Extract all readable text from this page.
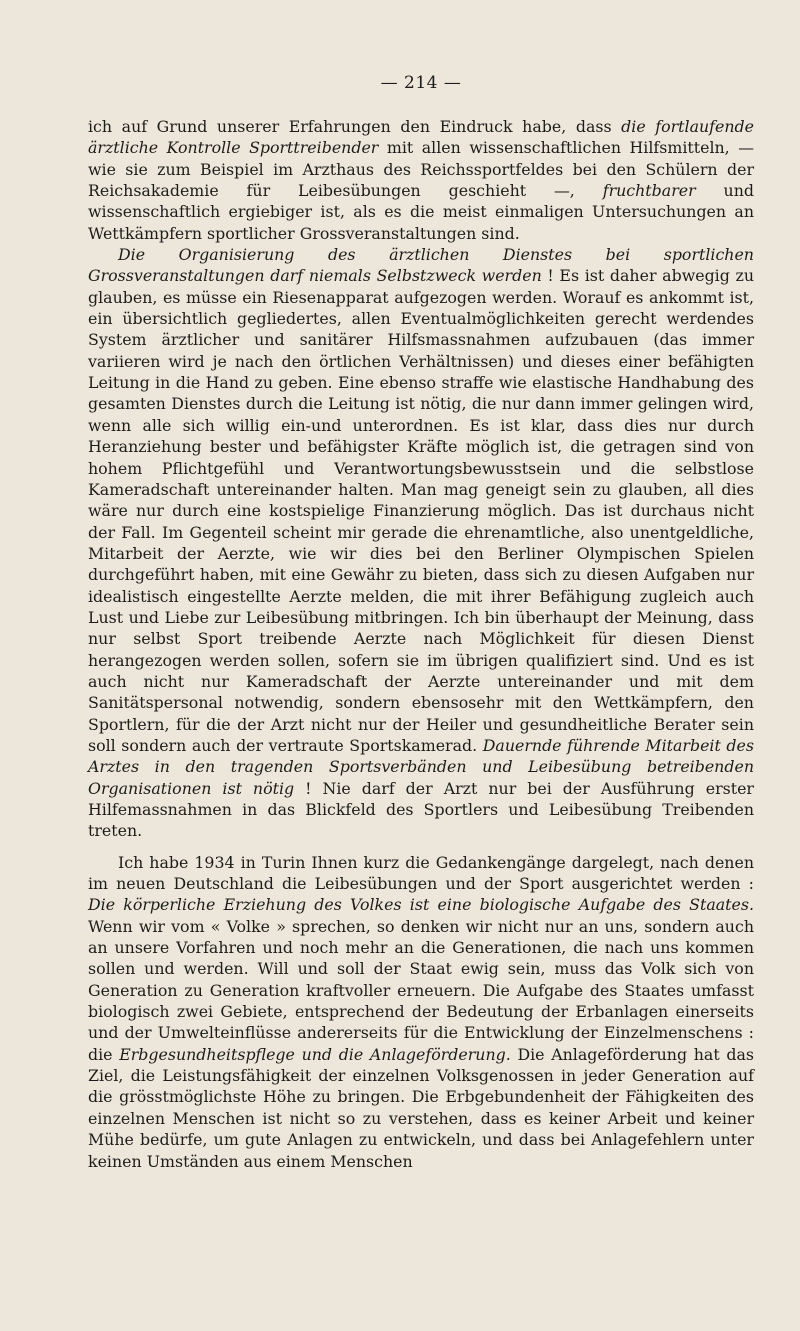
— 214 —

ich auf Grund unserer Erfahrungen den Eindruck habe, dass die fortlaufende ärztliche Kontrolle Sporttreibender mit allen wissenschaftlichen Hilfsmitteln, — wie sie zum Beispiel im Arzthaus des Reichssportfeldes bei den Schülern der Reichsakademie für Leibesübungen geschieht —, fruchtbarer und wissenschaftlich ergiebiger ist, als es die meist einmaligen Untersuchungen an Wettkämpfern sportlicher Grossveranstaltungen sind.

Die Organisierung des ärztlichen Dienstes bei sportlichen Grossveranstaltungen darf niemals Selbstzweck werden ! Es ist daher abwegig zu glauben, es müsse ein Riesenapparat aufgezogen werden. Worauf es ankommt ist, ein übersichtlich gegliedertes, allen Eventualmöglichkeiten gerecht werdendes System ärztlicher und sanitärer Hilfsmassnahmen aufzubauen (das immer variieren wird je nach den örtlichen Verhältnissen) und dieses einer befähigten Leitung in die Hand zu geben. Eine ebenso straffe wie elastische Handhabung des gesamten Dienstes durch die Leitung ist nötig, die nur dann immer gelingen wird, wenn alle sich willig ein-und unterordnen. Es ist klar, dass dies nur durch Heranziehung bester und befähigster Kräfte möglich ist, die getragen sind von hohem Pflichtgefühl und Verantwortungsbewusstsein und die selbstlose Kameradschaft untereinander halten. Man mag geneigt sein zu glauben, all dies wäre nur durch eine kostspielige Finanzierung möglich. Das ist durchaus nicht der Fall. Im Gegenteil scheint mir gerade die ehrenamtliche, also unentgeldliche, Mitarbeit der Aerzte, wie wir dies bei den Berliner Olympischen Spielen durchgeführt haben, mit eine Gewähr zu bieten, dass sich zu diesen Aufgaben nur idealistisch eingestellte Aerzte melden, die mit ihrer Befähigung zugleich auch Lust und Liebe zur Leibesübung mitbringen. Ich bin überhaupt der Meinung, dass nur selbst Sport treibende Aerzte nach Möglichkeit für diesen Dienst herangezogen werden sollen, sofern sie im übrigen qualifiziert sind. Und es ist auch nicht nur Kameradschaft der Aerzte untereinander und mit dem Sanitätspersonal notwendig, sondern ebensosehr mit den Wettkämpfern, den Sportlern, für die der Arzt nicht nur der Heiler und gesundheitliche Berater sein soll sondern auch der vertraute Sportskamerad. Dauernde führende Mitarbeit des Arztes in den tragenden Sportsverbänden und Leibesübung betreibenden Organisationen ist nötig ! Nie darf der Arzt nur bei der Ausführung erster Hilfemassnahmen in das Blickfeld des Sportlers und Leibesübung Treibenden treten.

Ich habe 1934 in Turin Ihnen kurz die Gedankengänge dargelegt, nach denen im neuen Deutschland die Leibesübungen und der Sport ausgerichtet werden : Die körperliche Erziehung des Volkes ist eine biologische Aufgabe des Staates. Wenn wir vom « Volke » sprechen, so denken wir nicht nur an uns, sondern auch an unsere Vorfahren und noch mehr an die Generationen, die nach uns kommen sollen und werden. Will und soll der Staat ewig sein, muss das Volk sich von Generation zu Generation kraftvoller erneuern. Die Aufgabe des Staates umfasst biologisch zwei Gebiete, entsprechend der Bedeutung der Erbanlagen einerseits und der Umwelteinflüsse andererseits für die Entwicklung der Einzelmenschens : die Erbgesundheitspflege und die Anlageförderung. Die Anlageförderung hat das Ziel, die Leistungsfähigkeit der einzelnen Volksgenossen in jeder Generation auf die grösstmöglichste Höhe zu bringen. Die Erbgebundenheit der Fähigkeiten des einzelnen Menschen ist nicht so zu verstehen, dass es keiner Arbeit und keiner Mühe bedürfe, um gute Anlagen zu entwickeln, und dass bei Anlagefehlern unter keinen Umständen aus einem Menschen
